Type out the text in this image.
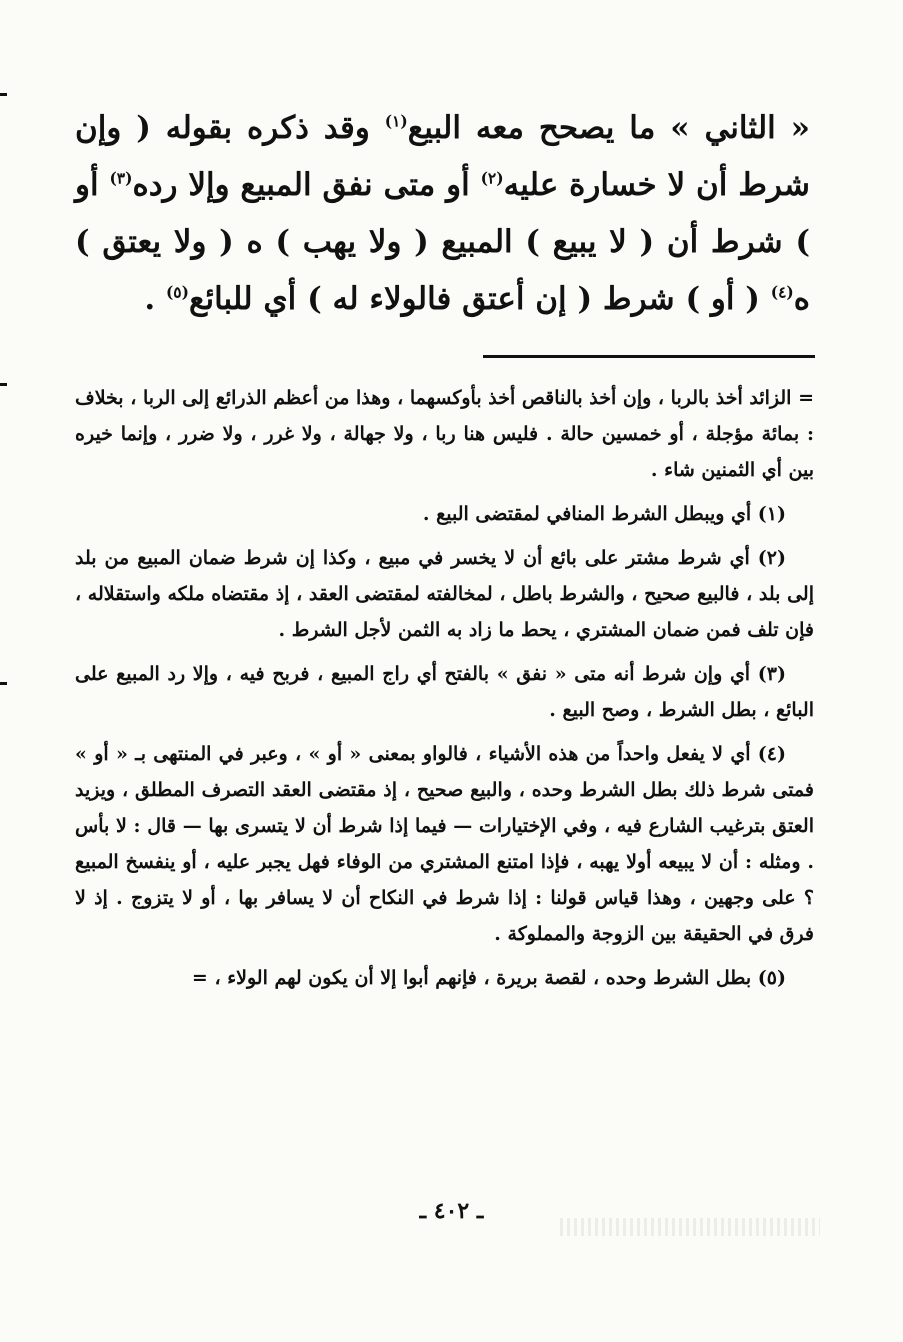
« الثاني » ما يصحح معه البيع$^{(١)}$ وقد ذكره بقوله ( وإن شرط أن لا خسارة عليه$^{(٢)}$ أو متى نفق المبيع وإلا رده$^{(٣)}$ أو ) شرط أن ( لا يبيع ) المبيع ( ولا يهب ) ه ( ولا يعتق ) ه$^{(٤)}$ ( أو ) شرط ( إن أعتق فالولاء له ) أي للبائع$^{(٥)}$ .

= الزائد أخذ بالربا ، وإن أخذ بالناقص أخذ بأوكسهما ، وهذا من أعظم الذرائع إلى الربا ، بخلاف : بمائة مؤجلة ، أو خمسين حالة . فليس هنا ربا ، ولا جهالة ، ولا غرر ، ولا ضرر ، وإنما خيره بين أي الثمنين شاء .

(١) أي ويبطل الشرط المنافي لمقتضى البيع .

(٢) أي شرط مشتر على بائع أن لا يخسر في مبيع ، وكذا إن شرط ضمان المبيع من بلد إلى بلد ، فالبيع صحيح ، والشرط باطل ، لمخالفته لمقتضى العقد ، إذ مقتضاه ملكه واستقلاله ، فإن تلف فمن ضمان المشتري ، يحط ما زاد به الثمن لأجل الشرط .

(٣) أي وإن شرط أنه متى « نفق » بالفتح أي راج المبيع ، فربح فيه ، وإلا رد المبيع على البائع ، بطل الشرط ، وصح البيع .

(٤) أي لا يفعل واحداً من هذه الأشياء ، فالواو بمعنى « أو » ، وعبر في المنتهى بـ « أو » فمتى شرط ذلك بطل الشرط وحده ، والبيع صحيح ، إذ مقتضى العقد التصرف المطلق ، ويزيد العتق بترغيب الشارع فيه ، وفي الإختيارات — فيما إذا شرط أن لا يتسرى بها — قال : لا بأس . ومثله : أن لا يبيعه أولا يهبه ، فإذا امتنع المشتري من الوفاء فهل يجبر عليه ، أو ينفسخ المبيع ؟ على وجهين ، وهذا قياس قولنا : إذا شرط في النكاح أن لا يسافر بها ، أو لا يتزوج . إذ لا فرق في الحقيقة بين الزوجة والمملوكة .

(٥) بطل الشرط وحده ، لقصة بريرة ، فإنهم أبوا إلا أن يكون لهم الولاء ، =

ـ ٤٠٢ ـ
